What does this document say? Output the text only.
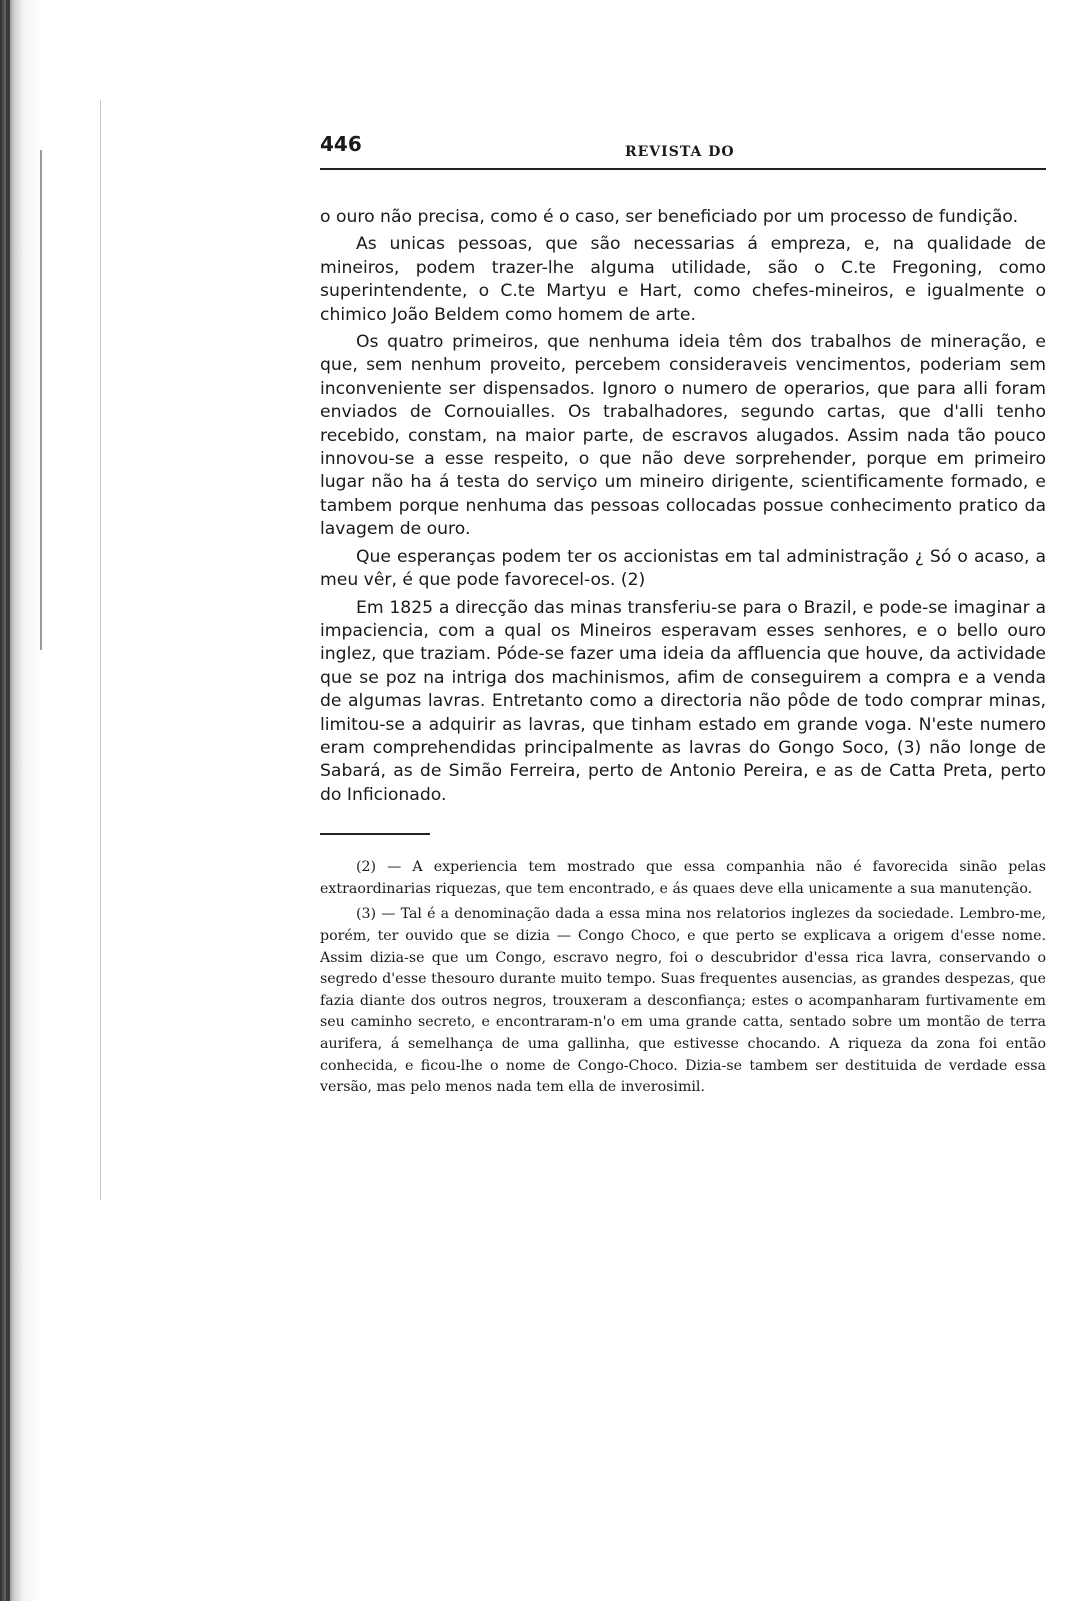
446	REVISTA DO

o ouro não precisa, como é o caso, ser beneficiado por um processo de fundição.

As unicas pessoas, que são necessarias á empreza, e, na qualidade de mineiros, podem trazer-lhe alguma utilidade, são o C.te Fregoning, como superintendente, o C.te Martyu e Hart, como chefes-mineiros, e igualmente o chimico João Beldem como homem de arte.

Os quatro primeiros, que nenhuma ideia têm dos trabalhos de mineração, e que, sem nenhum proveito, percebem consideraveis vencimentos, poderiam sem inconveniente ser dispensados. Ignoro o numero de operarios, que para alli foram enviados de Cornouialles. Os trabalhadores, segundo cartas, que d'alli tenho recebido, constam, na maior parte, de escravos alugados. Assim nada tão pouco innovou-se a esse respeito, o que não deve sorprehender, porque em primeiro lugar não ha á testa do serviço um mineiro dirigente, scientificamente formado, e tambem porque nenhuma das pessoas collocadas possue conhecimento pratico da lavagem de ouro.

Que esperanças podem ter os accionistas em tal administração ¿ Só o acaso, a meu vêr, é que pode favorecel-os. (2)

Em 1825 a direcção das minas transferiu-se para o Brazil, e pode-se imaginar a impaciencia, com a qual os Mineiros esperavam esses senhores, e o bello ouro inglez, que traziam. Póde-se fazer uma ideia da affluencia que houve, da actividade que se poz na intriga dos machinismos, afim de conseguirem a compra e a venda de algumas lavras. Entretanto como a directoria não pôde de todo comprar minas, limitou-se a adquirir as lavras, que tinham estado em grande voga. N'este numero eram comprehendidas principalmente as lavras do Gongo Soco, (3) não longe de Sabará, as de Simão Ferreira, perto de Antonio Pereira, e as de Catta Preta, perto do Inficionado.

(2) — A experiencia tem mostrado que essa companhia não é favorecida sinão pelas extraordinarias riquezas, que tem encontrado, e ás quaes deve ella unicamente a sua manutenção.

(3) — Tal é a denominação dada a essa mina nos relatorios inglezes da sociedade. Lembro-me, porém, ter ouvido que se dizia — Congo Choco, e que perto se explicava a origem d'esse nome. Assim dizia-se que um Congo, escravo negro, foi o descubridor d'essa rica lavra, conservando o segredo d'esse thesouro durante muito tempo. Suas frequentes ausencias, as grandes despezas, que fazia diante dos outros negros, trouxeram a desconfiança; estes o acompanharam furtivamente em seu caminho secreto, e encontraram-n'o em uma grande catta, sentado sobre um montão de terra aurifera, á semelhança de uma gallinha, que estivesse chocando. A riqueza da zona foi então conhecida, e ficou-lhe o nome de Congo-Choco. Dizia-se tambem ser destituida de verdade essa versão, mas pelo menos nada tem ella de inverosimil.
